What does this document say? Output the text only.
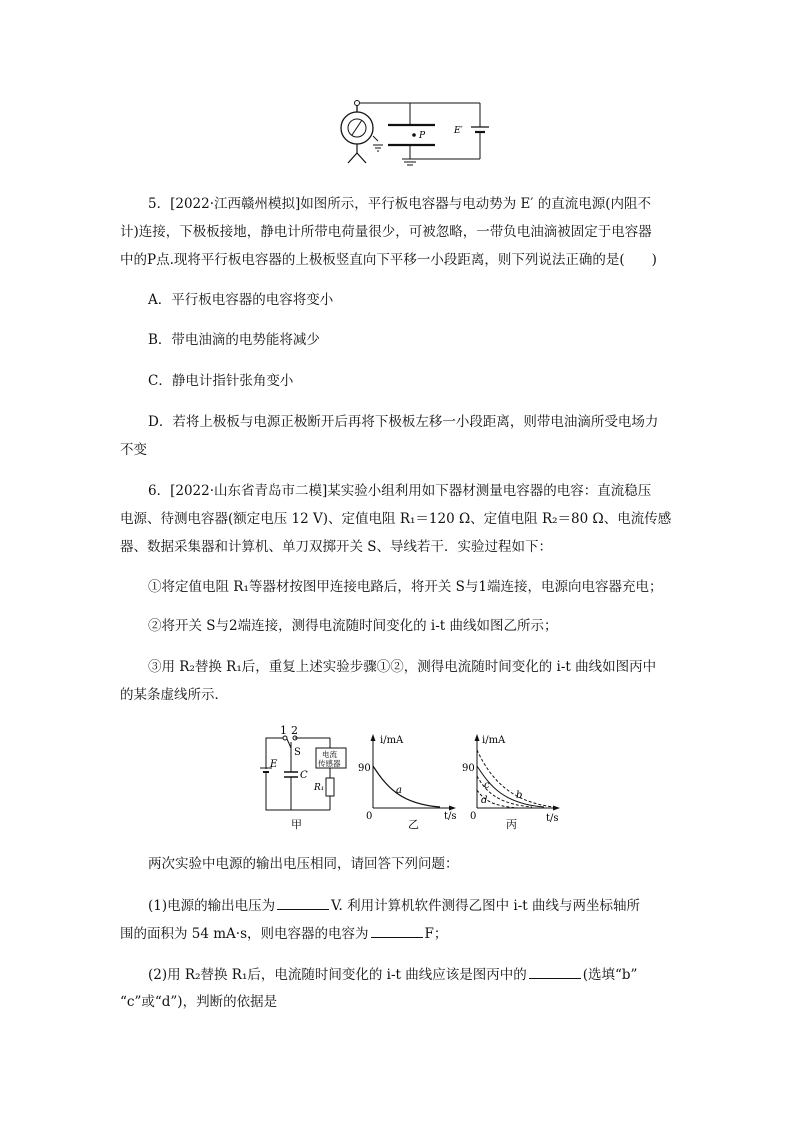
P	E′
5．[2022·江西赣州模拟]如图所示，平行板电容器与电动势为 E′ 的直流电源(内阻不
计)连接，下极板接地，静电计所带电荷量很少，可被忽略，一带负电油滴被固定于电容器
中的P点.现将平行板电容器的上极板竖直向下平移一小段距离，则下列说法正确的是(　　)
A．平行板电容器的电容将变小
B．带电油滴的电势能将减少
C．静电计指针张角变小
D．若将上极板与电源正极断开后再将下极板左移一小段距离，则带电油滴所受电场力
不变
6．[2022·山东省青岛市二模]某实验小组利用如下器材测量电容器的电容：直流稳压
电源、待测电容器(额定电压 12 V)、定值电阻 R₁＝120 Ω、定值电阻 R₂＝80 Ω、电流传感
器、数据采集器和计算机、单刀双掷开关 S、导线若干．实验过程如下：
①将定值电阻 R₁等器材按图甲连接电路后，将开关 S与1端连接，电源向电容器充电；
②将开关 S与2端连接，测得电流随时间变化的 i-t 曲线如图乙所示；
③用 R₂替换 R₁后，重复上述实验步骤①②，测得电流随时间变化的 i-t 曲线如图丙中
的某条虚线所示．
1 2
S
C
E
电流
传感器
R₁
甲
i/mA
t/s
90
0
a
乙
i/mA
t/s
90
0
b
c
d
丙
两次实验中电源的输出电压相同，请回答下列问题：
(1)电源的输出电压为	V. 利用计算机软件测得乙图中 i-t 曲线与两坐标轴所
围的面积为 54 mA·s，则电容器的电容为	F；
(2)用 R₂替换 R₁后，电流随时间变化的 i-t 曲线应该是图丙中的	(选填“b”
“c”或“d”)，判断的依据是
